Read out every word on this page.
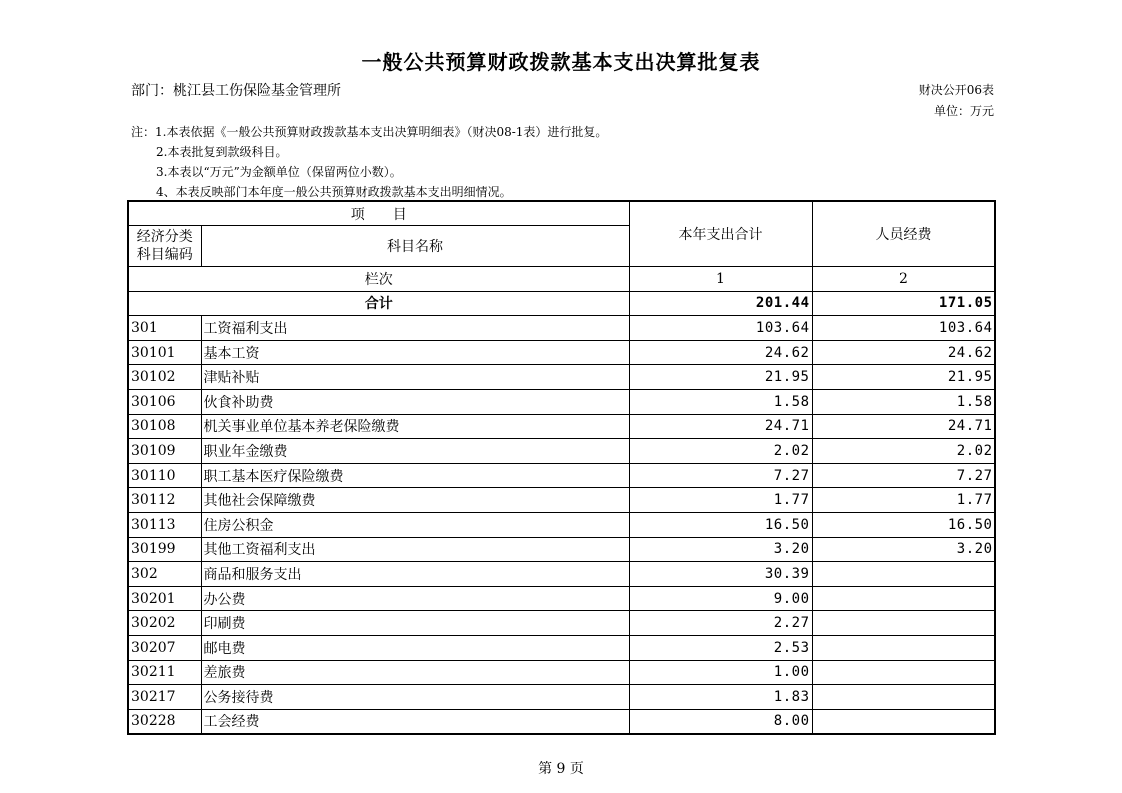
一般公共预算财政拨款基本支出决算批复表
部门：桃江县工伤保险基金管理所	财决公开06表
单位：万元
注：1.本表依据《一般公共预算财政拨款基本支出决算明细表》（财决08-1表）进行批复。
2.本表批复到款级科目。
3.本表以“万元”为金额单位（保留两位小数）。
4、本表反映部门本年度一般公共预算财政拨款基本支出明细情况。
项　　目		本年支出合计	人员经费	
经济分类科目编码	科目名称			
栏次		1	2	
合计		201.44	171.05	
301	工资福利支出	103.64	103.64	
30101	基本工资	24.62	24.62	
30102	津贴补贴	21.95	21.95	
30106	伙食补助费	1.58	1.58	
30108	机关事业单位基本养老保险缴费	24.71	24.71	
30109	职业年金缴费	2.02	2.02	
30110	职工基本医疗保险缴费	7.27	7.27	
30112	其他社会保障缴费	1.77	1.77	
30113	住房公积金	16.50	16.50	
30199	其他工资福利支出	3.20	3.20	
302	商品和服务支出	30.39		
30201	办公费	9.00		
30202	印刷费	2.27		
30207	邮电费	2.53		
30211	差旅费	1.00		
30217	公务接待费	1.83		
30228	工会经费	8.00		
第 9 页
